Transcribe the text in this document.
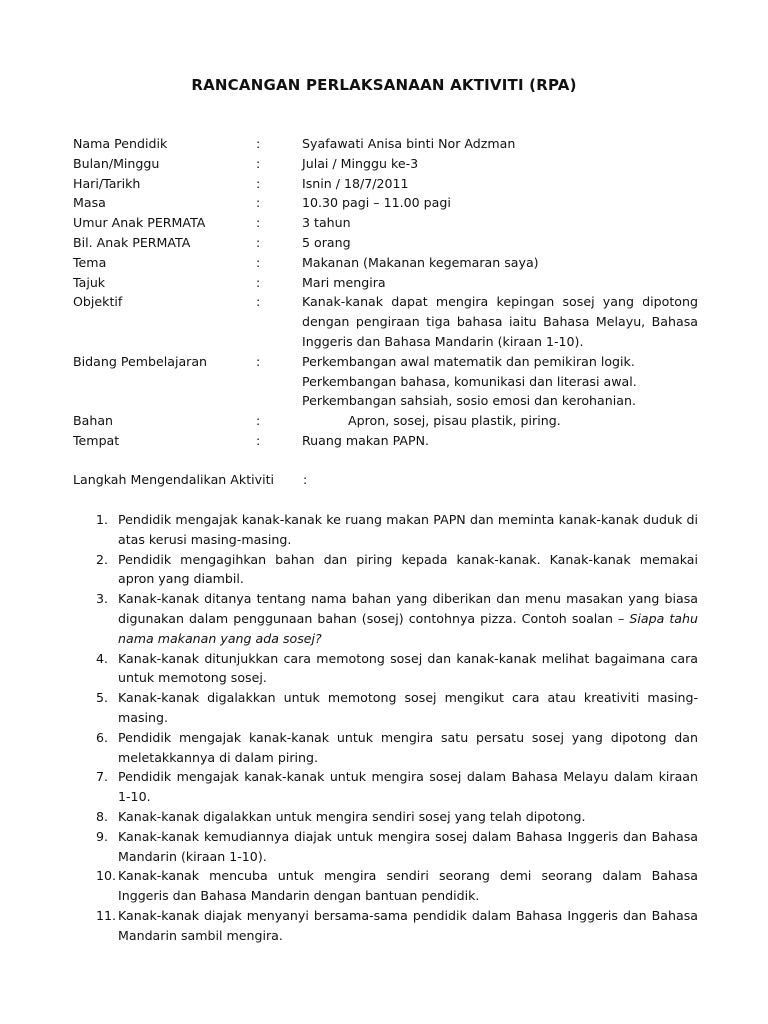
RANCANGAN PERLAKSANAAN AKTIVITI (RPA)
Nama Pendidik	:	Syafawati Anisa binti Nor Adzman
Bulan/Minggu	:	Julai / Minggu ke-3
Hari/Tarikh	:	Isnin / 18/7/2011
Masa	:	10.30 pagi – 11.00 pagi
Umur Anak PERMATA	:	3 tahun
Bil. Anak PERMATA	:	5 orang
Tema	:	Makanan (Makanan kegemaran saya)
Tajuk	:	Mari mengira
Objektif	:	Kanak-kanak dapat mengira kepingan sosej yang dipotong dengan pengiraan tiga bahasa iaitu Bahasa Melayu, Bahasa Inggeris dan Bahasa Mandarin (kiraan 1-10).
Bidang Pembelajaran	:	Perkembangan awal matematik dan pemikiran logik.

Perkembangan bahasa, komunikasi dan literasi awal.

Perkembangan sahsiah, sosio emosi dan kerohanian.

Bahan	:	Apron, sosej, pisau plastik, piring.
Tempat	:	Ruang makan PAPN.
Langkah Mengendalikan Aktiviti	:
1. Pendidik mengajak kanak-kanak ke ruang makan PAPN dan meminta kanak-kanak duduk di atas kerusi masing-masing.
2. Pendidik mengagihkan bahan dan piring kepada kanak-kanak. Kanak-kanak memakai apron yang diambil.
3. Kanak-kanak ditanya tentang nama bahan yang diberikan dan menu masakan yang biasa digunakan dalam penggunaan bahan (sosej) contohnya pizza. Contoh soalan – Siapa tahu nama makanan yang ada sosej?
4. Kanak-kanak ditunjukkan cara memotong sosej dan kanak-kanak melihat bagaimana cara untuk memotong sosej.
5. Kanak-kanak digalakkan untuk memotong sosej mengikut cara atau kreativiti masing-masing.
6. Pendidik mengajak kanak-kanak untuk mengira satu persatu sosej yang dipotong dan meletakkannya di dalam piring.
7. Pendidik mengajak kanak-kanak untuk mengira sosej dalam Bahasa Melayu dalam kiraan 1-10.
8. Kanak-kanak digalakkan untuk mengira sendiri sosej yang telah dipotong.
9. Kanak-kanak kemudiannya diajak untuk mengira sosej dalam Bahasa Inggeris dan Bahasa Mandarin (kiraan 1-10).
10. Kanak-kanak mencuba untuk mengira sendiri seorang demi seorang dalam Bahasa Inggeris dan Bahasa Mandarin dengan bantuan pendidik.
11. Kanak-kanak diajak menyanyi bersama-sama pendidik dalam Bahasa Inggeris dan Bahasa Mandarin sambil mengira.
